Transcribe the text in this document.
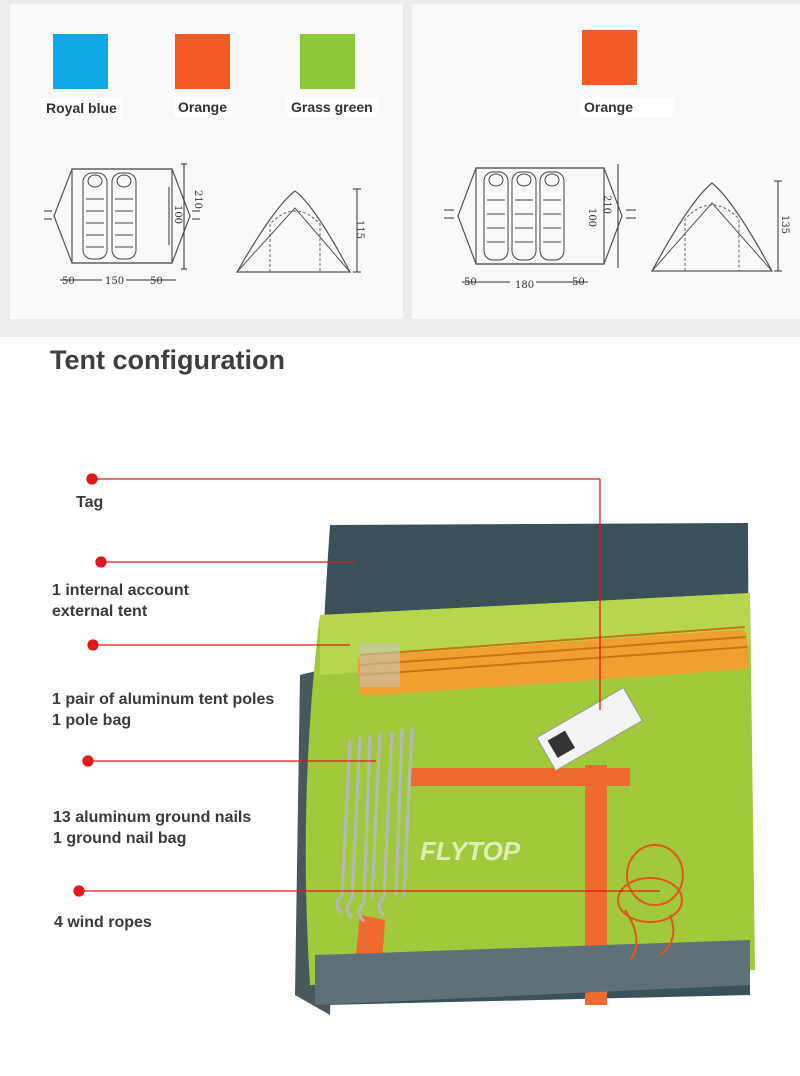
Royal blue	Orange	Grass green
210
100
50	150	50
115
Orange
210
100
50	180	50
135
Tent configuration
FLYTOP
Tag
1 internal account
external tent
1 pair of aluminum tent poles
1 pole bag
13 aluminum ground nails
1 ground nail bag
4 wind ropes
